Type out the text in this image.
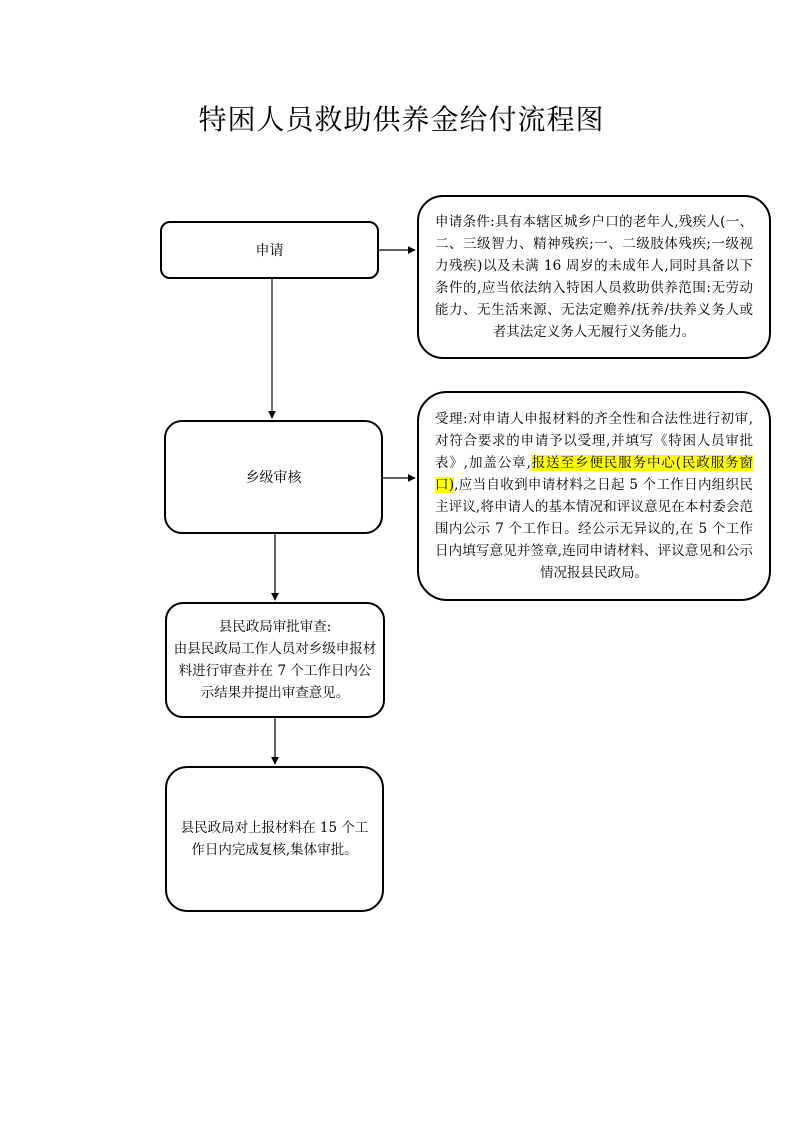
特困人员救助供养金给付流程图
申请
申请条件:具有本辖区城乡户口的老年人,残疾人(一、二、三级智力、精神残疾;一、二级肢体残疾;一级视力残疾)以及未满 16 周岁的未成年人,同时具备以下条件的,应当依法纳入特困人员救助供养范围:无劳动能力、无生活来源、无法定赡养/抚养/扶养义务人或者其法定义务人无履行义务能力。
乡级审核
受理:对申请人申报材料的齐全性和合法性进行初审,对符合要求的申请予以受理,并填写《特困人员审批表》,加盖公章,报送至乡便民服务中心(民政服务窗口),应当自收到申请材料之日起 5 个工作日内组织民主评议,将申请人的基本情况和评议意见在本村委会范围内公示 7 个工作日。经公示无异议的,在 5 个工作日内填写意见并签章,连同申请材料、评议意见和公示情况报县民政局。
县民政局审批审查:
由县民政局工作人员对乡级申报材料进行审查并在 7 个工作日内公示结果并提出审查意见。
县民政局对上报材料在 15 个工作日内完成复核,集体审批。
